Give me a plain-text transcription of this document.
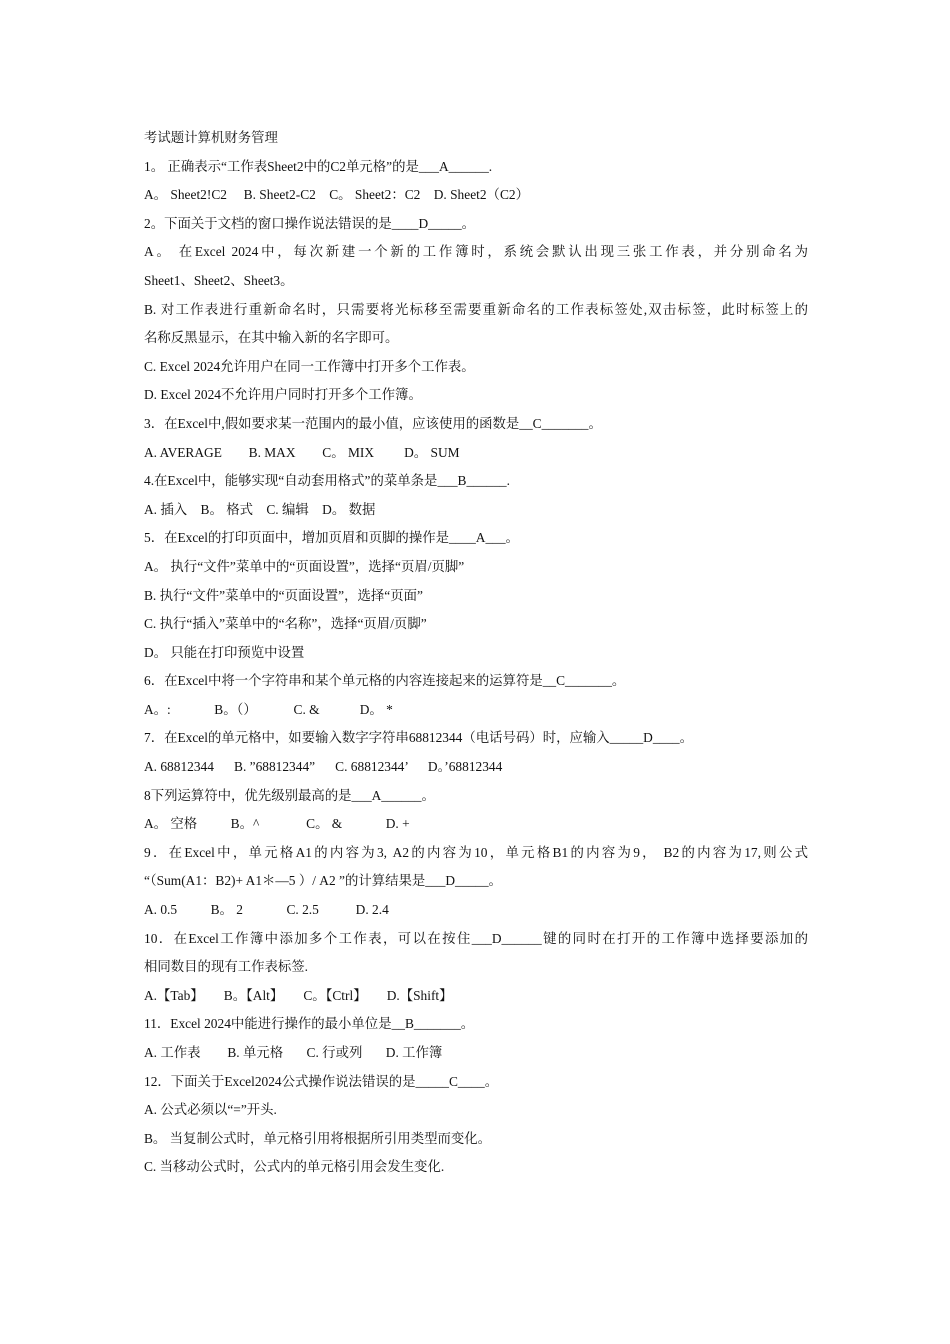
考试题计算机财务管理
1。 正确表示“工作表Sheet2中的C2单元格”的是___A______.
A。 Sheet2!C2     B. Sheet2-C2    C。 Sheet2：C2    D. Sheet2（C2）
2。下面关于文档的窗口操作说法错误的是____D_____。
A。 在Excel 2024中，每次新建一个新的工作簿时，系统会默认出现三张工作表，并分别命名为
Sheet1、Sheet2、Sheet3。
B. 对工作表进行重新命名时，只需要将光标移至需要重新命名的工作表标签处,双击标签，此时标签上的
名称反黑显示，在其中输入新的名字即可。
C. Excel 2024允许用户在同一工作簿中打开多个工作表。
D. Excel 2024不允许用户同时打开多个工作簿。
3．在Excel中,假如要求某一范围内的最小值，应该使用的函数是__C_______。
A. AVERAGE        B. MAX        C。 MIX         D。 SUM
4.在Excel中，能够实现“自动套用格式”的菜单条是___B______.
A. 插入    B。 格式    C. 编辑    D。 数据
5．在Excel的打印页面中，增加页眉和页脚的操作是____A___。
A。 执行“文件”菜单中的“页面设置”，选择“页眉/页脚”
B. 执行“文件”菜单中的“页面设置”，选择“页面”
C. 执行“插入”菜单中的“名称”，选择“页眉/页脚”
D。 只能在打印预览中设置
6．在Excel中将一个字符串和某个单元格的内容连接起来的运算符是__C_______。
A。:             B。（）           C. &            D。 *
7．在Excel的单元格中，如要输入数字字符串68812344（电话号码）时，应输入_____D____。
A. 68812344      B. ”68812344”      C. 68812344’      D。’68812344
8下列运算符中，优先级别最高的是___A______。
A。 空格          B。^              C。 &             D. +
9．在Excel中，单元格A1的内容为3, A2的内容为10，单元格B1的内容为9， B2的内容为17,则公式
“（Sum(A1：B2)+ A1＊—5 ）/ A2 ”的计算结果是___D_____。
A. 0.5          B。 2             C. 2.5           D. 2.4
10．在Excel工作簿中添加多个工作表，可以在按住___D______键的同时在打开的工作簿中选择要添加的
相同数目的现有工作表标签.
A.【Tab】      B。【Alt】      C。【Ctrl】      D.【Shift】
11．Excel 2024中能进行操作的最小单位是__B_______。
A. 工作表        B. 单元格       C. 行或列       D. 工作簿
12．下面关于Excel2024公式操作说法错误的是_____C____。
A. 公式必须以“=”开头.
B。 当复制公式时，单元格引用将根据所引用类型而变化。
C. 当移动公式时，公式内的单元格引用会发生变化.
